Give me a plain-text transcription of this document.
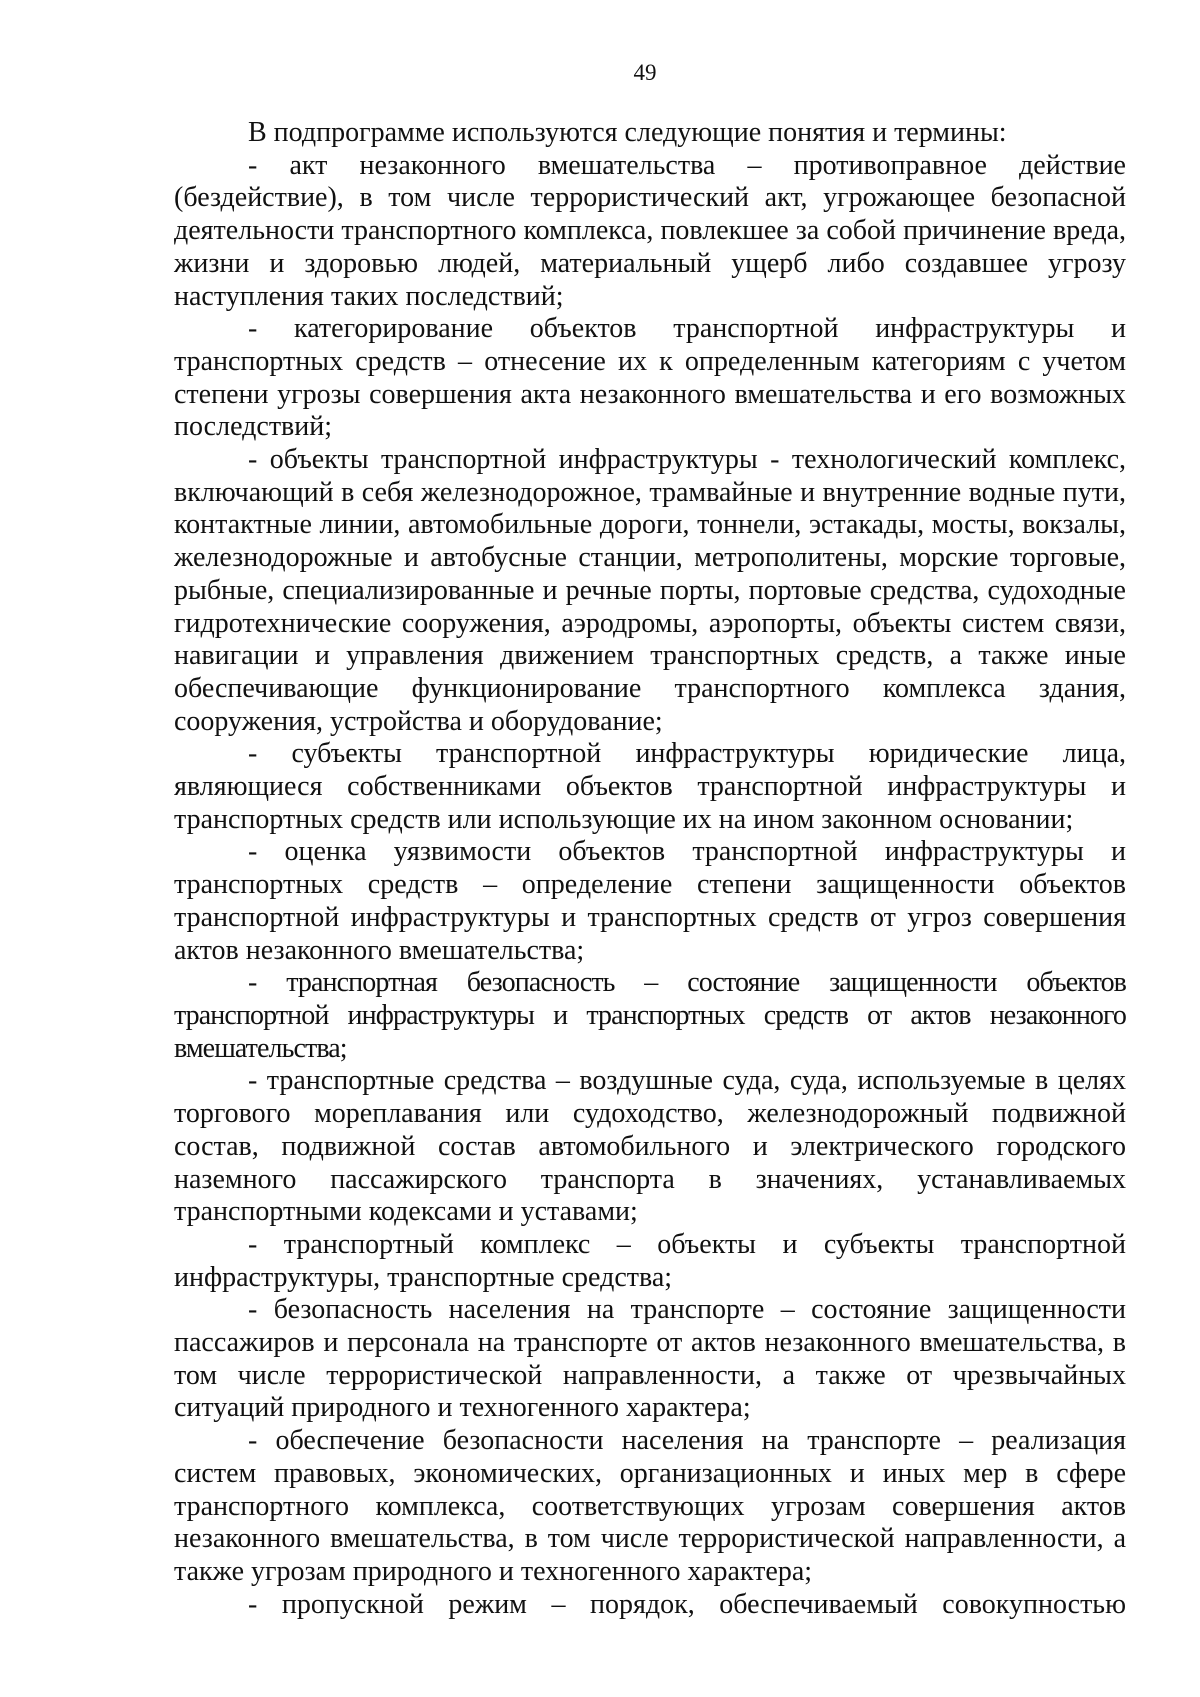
49

В подпрограмме используются следующие понятия и термины:

- акт незаконного вмешательства – противоправное действие (бездействие), в том числе террористический акт, угрожающее безопасной деятельности транспортного комплекса, повлекшее за собой причинение вреда, жизни и здоровью людей, материальный ущерб либо создавшее угрозу наступления таких последствий;

- категорирование объектов транспортной инфраструктуры и транспортных средств – отнесение их к определенным категориям с учетом степени угрозы совершения акта незаконного вмешательства и его возможных последствий;

- объекты транспортной инфраструктуры - технологический комплекс, включающий в себя железнодорожное, трамвайные и внутренние водные пути, контактные линии, автомобильные дороги, тоннели, эстакады, мосты, вокзалы, железнодорожные и автобусные станции, метрополитены, морские торговые, рыбные, специализированные и речные порты, портовые средства, судоходные гидротехнические сооружения, аэродромы, аэропорты, объекты систем связи, навигации и управления движением транспортных средств, а также иные обеспечивающие функционирование транспортного комплекса здания, сооружения, устройства и оборудование;

- субъекты транспортной инфраструктуры юридические лица, являющиеся собственниками объектов транспортной инфраструктуры и транспортных средств или использующие их на ином законном основании;

- оценка уязвимости объектов транспортной инфраструктуры и транспортных средств – определение степени защищенности объектов транспортной инфраструктуры и транспортных средств от угроз совершения актов незаконного вмешательства;

- транспортная безопасность – состояние защищенности объектов транспортной инфраструктуры и транспортных средств от актов незаконного вмешательства;

- транспортные средства – воздушные суда, суда, используемые в целях торгового мореплавания или судоходство, железнодорожный подвижной состав, подвижной состав автомобильного и электрического городского наземного пассажирского транспорта в значениях, устанавливаемых транспортными кодексами и уставами;

- транспортный комплекс – объекты и субъекты транспортной инфраструктуры, транспортные средства;

- безопасность населения на транспорте – состояние защищенности пассажиров и персонала на транспорте от актов незаконного вмешательства, в том числе террористической направленности, а также от чрезвычайных ситуаций природного и техногенного характера;

- обеспечение безопасности населения на транспорте – реализация систем правовых, экономических, организационных и иных мер в сфере транспортного комплекса, соответствующих угрозам совершения актов незаконного вмешательства, в том числе террористической направленности, а также угрозам природного и техногенного характера;

- пропускной режим – порядок, обеспечиваемый совокупностью
